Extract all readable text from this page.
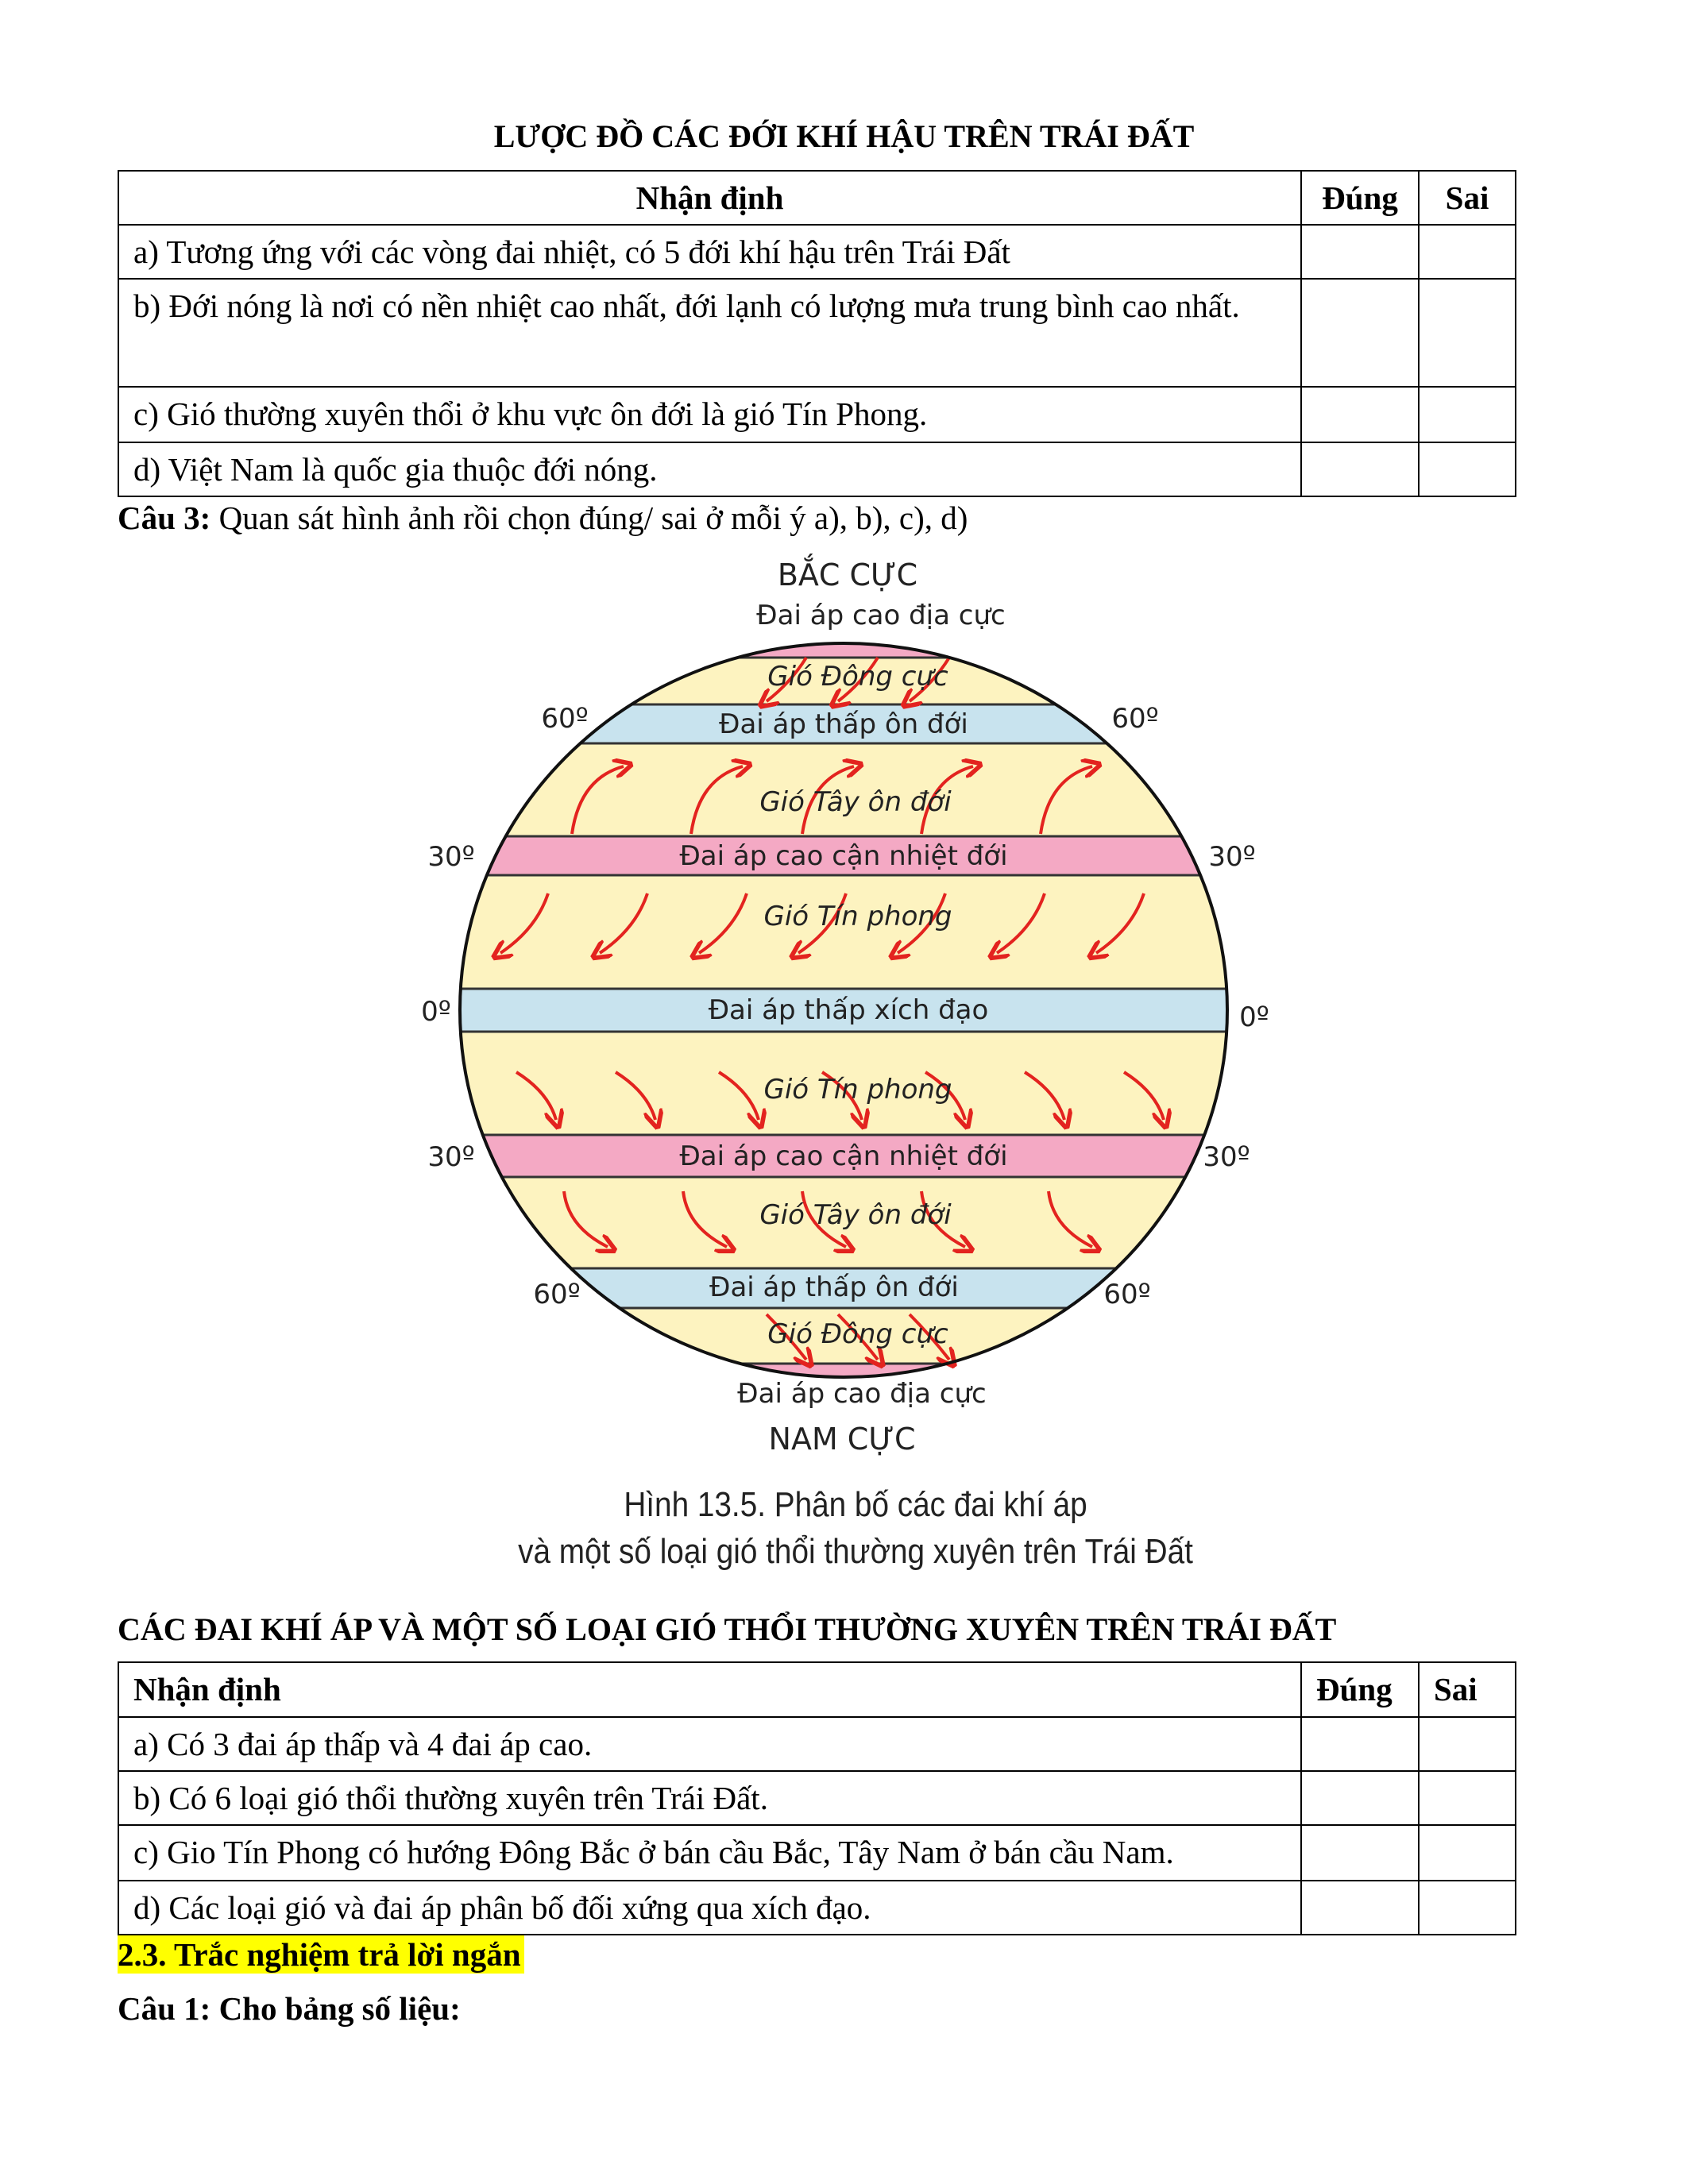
LƯỢC ĐỒ CÁC ĐỚI KHÍ HẬU TRÊN TRÁI ĐẤT
Nhận định	Đúng	Sai
a) Tương ứng với các vòng đai nhiệt, có 5 đới khí hậu trên Trái Đất		
b) Đới nóng là nơi có nền nhiệt cao nhất, đới lạnh có lượng mưa trung bình cao nhất.		
c) Gió thường xuyên thổi ở khu vực ôn đới là gió Tín Phong.		
d) Việt Nam là quốc gia thuộc đới nóng.		
Câu 3: Quan sát hình ảnh rồi chọn đúng/ sai ở mỗi ý a), b), c), d)
BẮC CỰC
Đai áp cao địa cực
Gió Đông cực
Đai áp thấp ôn đới
Gió Tây ôn đới
Đai áp cao cận nhiệt đới
Gió Tín phong
Đai áp thấp xích đạo
Gió Tín phong
Đai áp cao cận nhiệt đới
Gió Tây ôn đới
Đai áp thấp ôn đới
Gió Đông cực
Đai áp cao địa cực
NAM CỰC
60º	60º
30º	30º
0º	0º
30º	30º
60º	60º
Hình 13.5. Phân bố các đai khí áp
và một số loại gió thổi thường xuyên trên Trái Đất
CÁC ĐAI KHÍ ÁP VÀ MỘT SỐ LOẠI GIÓ THỔI THƯỜNG XUYÊN TRÊN TRÁI ĐẤT
Nhận định	Đúng	Sai
a) Có 3 đai áp thấp và 4 đai áp cao.		
b) Có 6 loại gió thổi thường xuyên trên Trái Đất.		
c) Gio Tín Phong có hướng Đông Bắc ở bán cầu Bắc, Tây Nam ở bán cầu Nam.		
d) Các loại gió và đai áp phân bố đối xứng qua xích đạo.		
2.3. Trắc nghiệm trả lời ngắn
Câu 1: Cho bảng số liệu:
